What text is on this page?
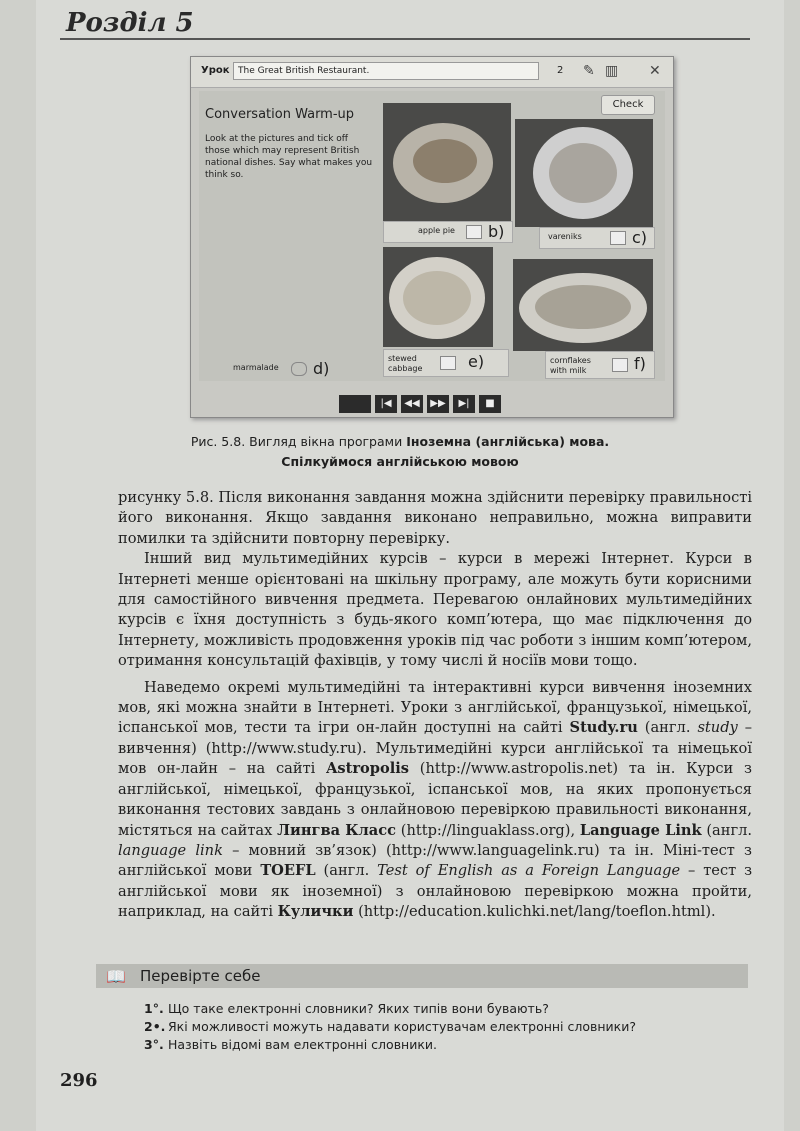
Розділ 5
Урок The Great British Restaurant.	2 ✎ ▥ ✕
Check
Conversation Warm-up
Look at the pictures and tick off those which may represent British national dishes. Say what makes you think so.
apple pie b)	vareniks	c)
stewed cabbage	e)	cornflakes with milk	f)
marmalade d)
|◀	◀◀	▶▶	▶|	■
Рис. 5.8. Вигляд вікна програми Іноземна (англійська) мова.
Спілкуймося англійською мовою

рисунку 5.8. Після виконання завдання можна здійснити перевірку правильності його виконання. Якщо завдання виконано неправильно, можна виправити помилки та здійснити повторну перевірку.

Інший вид мультимедійних курсів – курси в мережі Інтернет. Курси в Інтернеті менше орієнтовані на шкільну програму, але можуть бути корисними для самостійного вивчення предмета. Перевагою онлайнових мультимедійних курсів є їхня доступність з будь-якого комп’ютера, що має підключення до Інтернету, можливість продовження уроків під час роботи з іншим комп’ютером, отримання консультацій фахівців, у тому числі й носіїв мови тощо.

Наведемо окремі мультимедійні та інтерактивні курси вивчення іноземних мов, які можна знайти в Інтернеті. Уроки з англійської, французької, німецької, іспанської мов, тести та ігри он-лайн доступні на сайті Study.ru (англ. study – вивчення) (http://www.study.ru). Мультимедійні курси англійської та німецької мов он-лайн – на сайті Astropolis (http://www.astropolis.net) та ін. Курси з англійської, німецької, французької, іспанської мов, на яких пропонується виконання тестових завдань з онлайновою перевіркою правильності виконання, містяться на сайтах Лингва Класс (http://linguaklass.org), Language Link (англ. language link – мовний зв’язок) (http://www.languagelink.ru) та ін. Міні-тест з англійської мови TOEFL (англ. Test of English as a Foreign Language – тест з англійської мови як іноземної) з онлайновою перевіркою можна пройти, наприклад, на сайті Кулички (http://education.kulichki.net/lang/toeflon.html).

📖 Перевірте себе
1°. Що таке електронні словники? Яких типів вони бувають?
2•. Які можливості можуть надавати користувачам електронні словники?
3°. Назвіть відомі вам електронні словники.
296
